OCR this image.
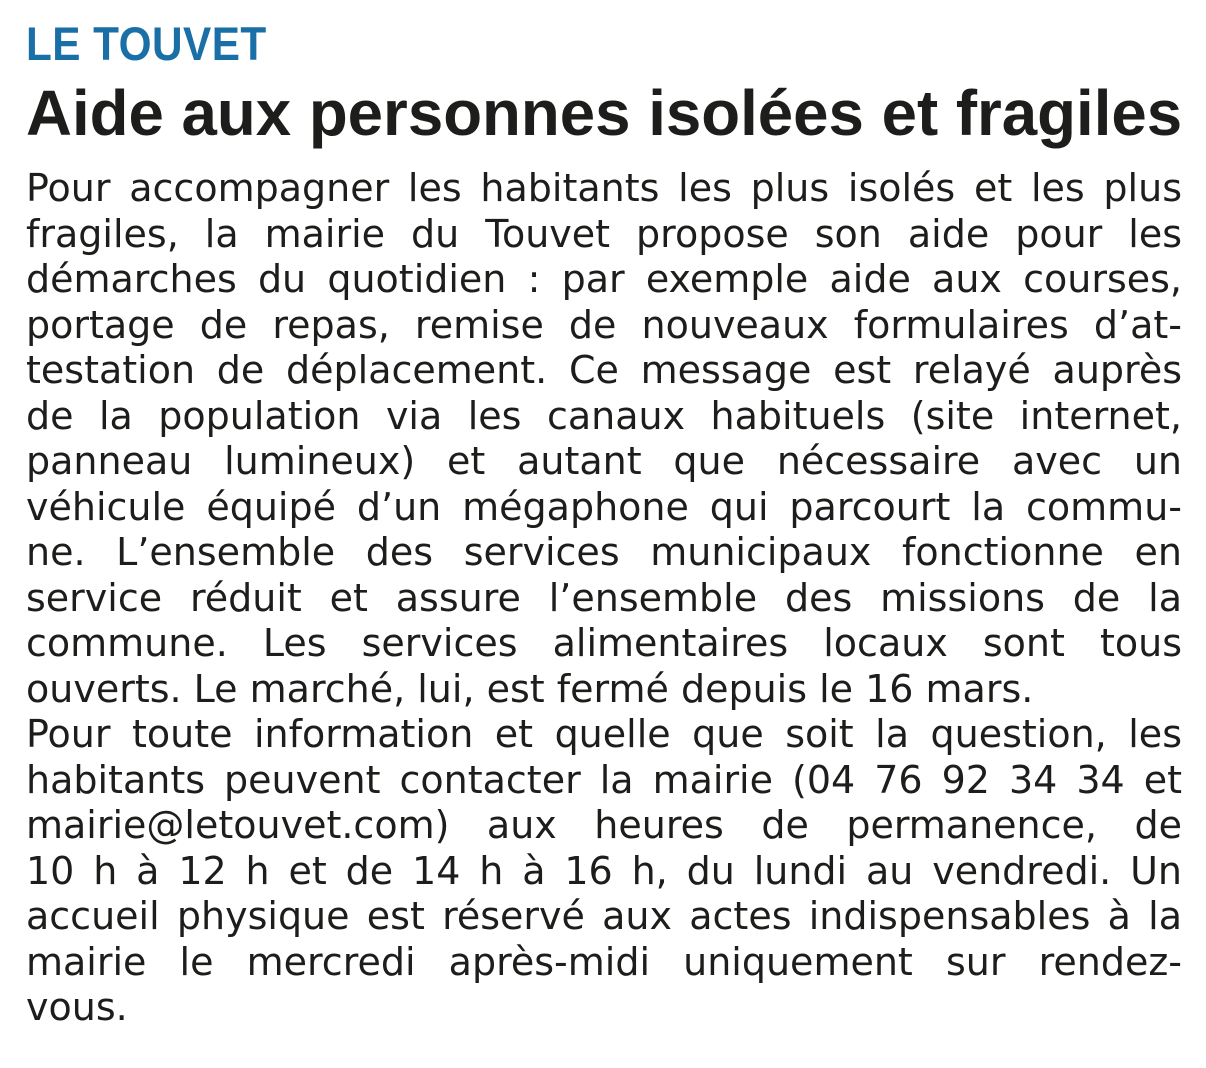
LE TOUVET
Aide aux personnes isolées et fragiles
Pour accompagner les habitants les plus isolés et les plus
fragiles, la mairie du Touvet propose son aide pour les
démarches du quotidien : par exemple aide aux courses,
portage de repas, remise de nouveaux formulaires d’at-
testation de déplacement. Ce message est relayé auprès
de la population via les canaux habituels (site internet,
panneau lumineux) et autant que nécessaire avec un
véhicule équipé d’un mégaphone qui parcourt la commu-
ne. L’ensemble des services municipaux fonctionne en
service réduit et assure l’ensemble des missions de la
commune. Les services alimentaires locaux sont tous
ouverts. Le marché, lui, est fermé depuis le 16 mars.
Pour toute information et quelle que soit la question, les
habitants peuvent contacter la mairie (04 76 92 34 34 et
mairie@letouvet.com) aux heures de permanence, de
10 h à 12 h et de 14 h à 16 h, du lundi au vendredi. Un
accueil physique est réservé aux actes indispensables à la
mairie le mercredi après-midi uniquement sur rendez-
vous.
